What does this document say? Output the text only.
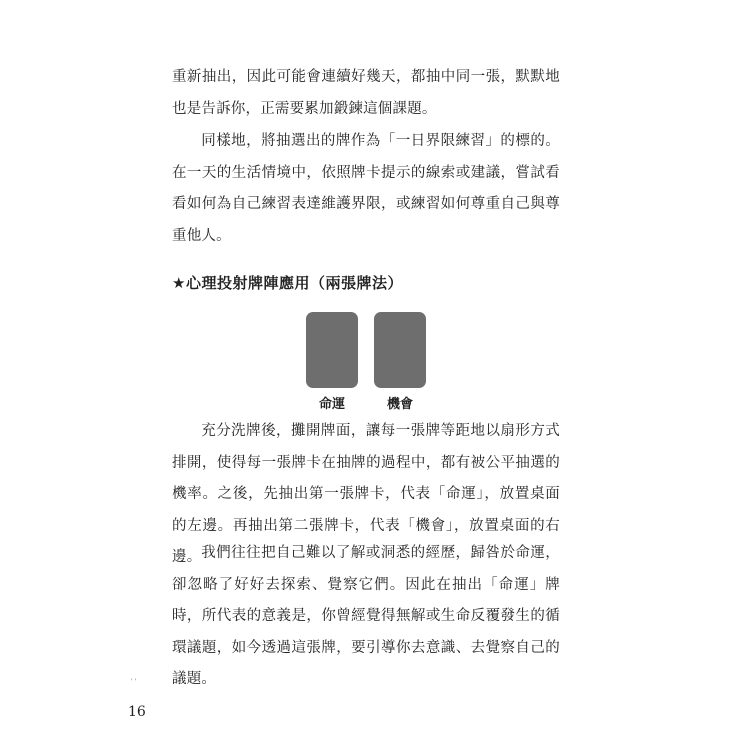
重新抽出，因此可能會連續好幾天，都抽中同一張，默默地也是告訴你，正需要累加鍛鍊這個課題。

同樣地，將抽選出的牌作為「一日界限練習」的標的。在一天的生活情境中，依照牌卡提示的線索或建議，嘗試看看如何為自己練習表達維護界限，或練習如何尊重自己與尊重他人。

★心理投射牌陣應用（兩張牌法）
命運	機會

充分洗牌後，攤開牌面，讓每一張牌等距地以扇形方式排開，使得每一張牌卡在抽牌的過程中，都有被公平抽選的機率。之後，先抽出第一張牌卡，代表「命運」，放置桌面的左邊。再抽出第二張牌卡，代表「機會」，放置桌面的右邊。 我們往往把自己難以了解或洞悉的經歷，歸咎於命運，卻忽略了好好去探索、覺察它們。因此在抽出「命運」牌時，所代表的意義是，你曾經覺得無解或生命反覆發生的循環議題，如今透過這張牌，要引導你去意識、去覺察自己的議題。

' '
16
